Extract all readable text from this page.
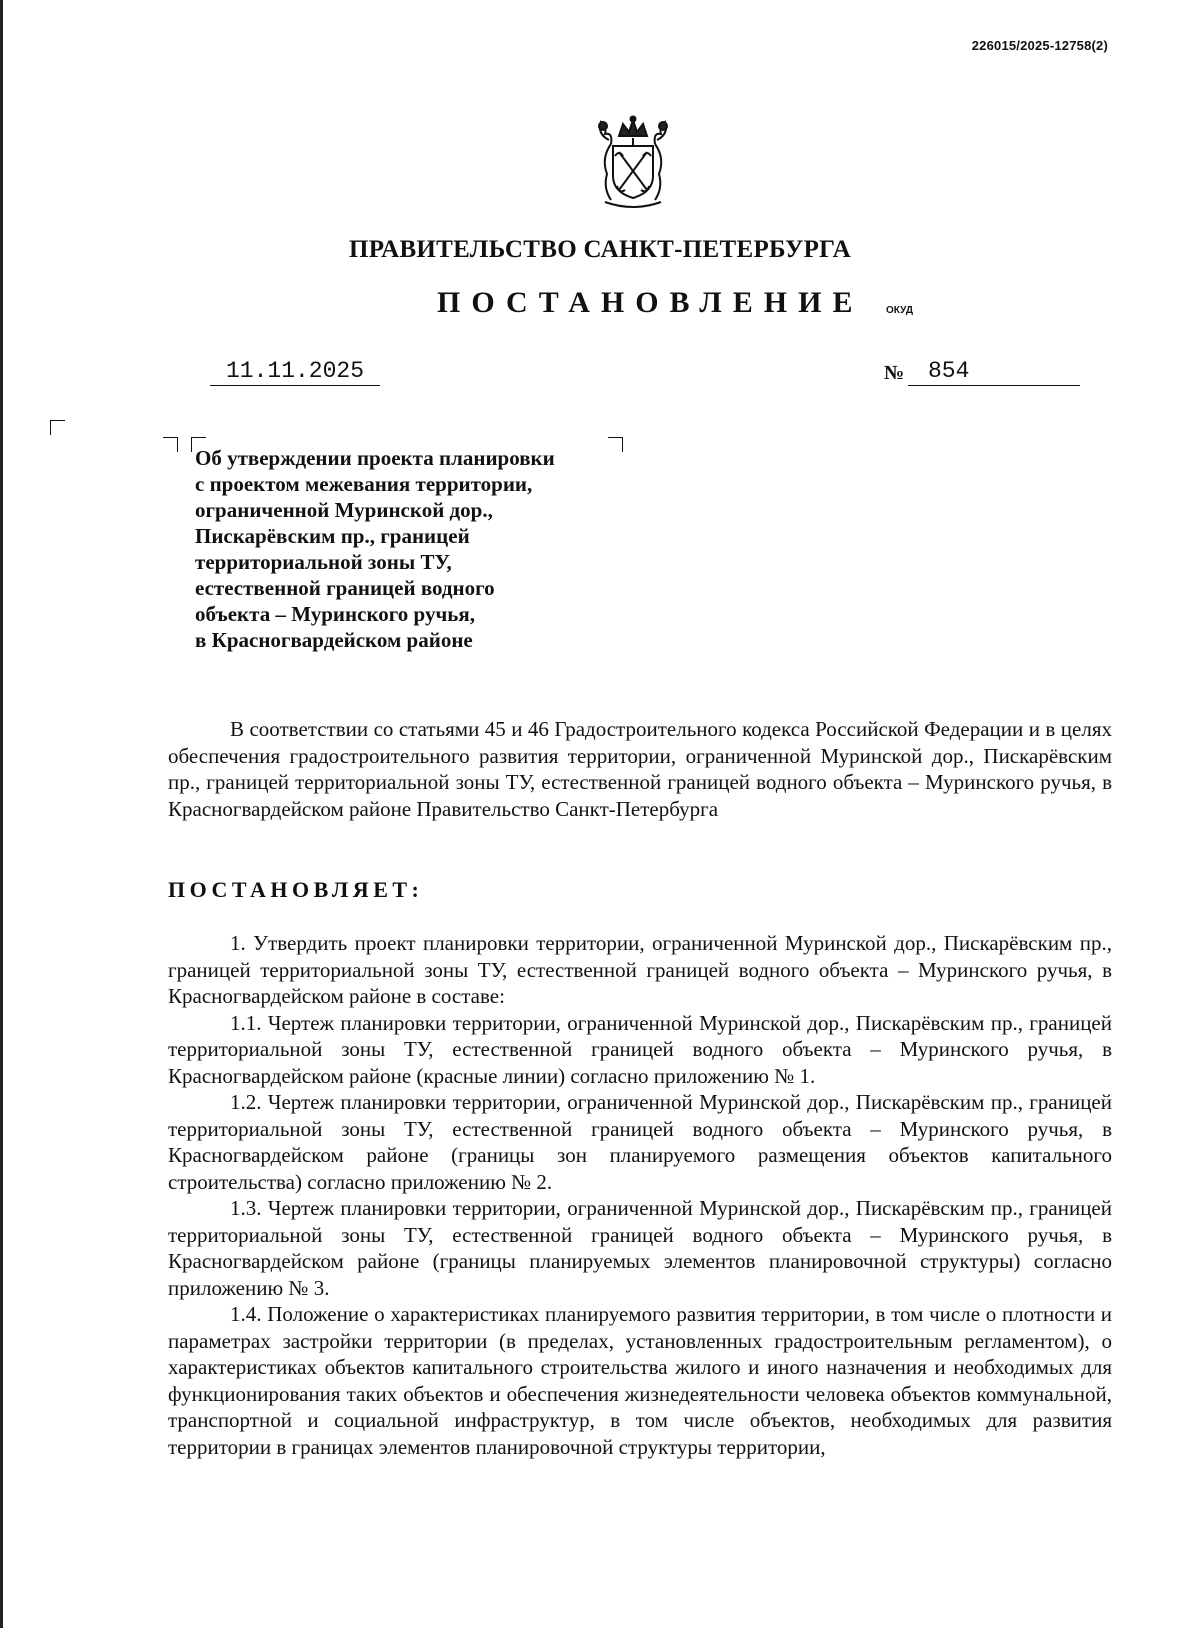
226015/2025-12758(2)
ПРАВИТЕЛЬСТВО САНКТ-ПЕТЕРБУРГА
ПОСТАНОВЛЕНИЕ ОКУД
11.11.2025	№	854
Об утверждении проекта планировки
с проектом межевания территории,
ограниченной Муринской дор.,
Пискарёвским пр., границей
территориальной зоны ТУ,
естественной границей водного
объекта – Муринского ручья,
в Красногвардейском районе

В соответствии со статьями 45 и 46 Градостроительного кодекса Российской Федерации и в целях обеспечения градостроительного развития территории, ограниченной Муринской дор., Пискарёвским пр., границей территориальной зоны ТУ, естественной границей водного объекта – Муринского ручья, в Красногвардейском районе Правительство Санкт-Петербурга

ПОСТАНОВЛЯЕТ:

1. Утвердить проект планировки территории, ограниченной Муринской дор., Пискарёвским пр., границей территориальной зоны ТУ, естественной границей водного объекта – Муринского ручья, в Красногвардейском районе в составе:

1.1. Чертеж планировки территории, ограниченной Муринской дор., Пискарёвским пр., границей территориальной зоны ТУ, естественной границей водного объекта – Муринского ручья, в Красногвардейском районе (красные линии) согласно приложению № 1.

1.2. Чертеж планировки территории, ограниченной Муринской дор., Пискарёвским пр., границей территориальной зоны ТУ, естественной границей водного объекта – Муринского ручья, в Красногвардейском районе (границы зон планируемого размещения объектов капитального строительства) согласно приложению № 2.

1.3. Чертеж планировки территории, ограниченной Муринской дор., Пискарёвским пр., границей территориальной зоны ТУ, естественной границей водного объекта – Муринского ручья, в Красногвардейском районе (границы планируемых элементов планировочной структуры) согласно приложению № 3.

1.4. Положение о характеристиках планируемого развития территории, в том числе о плотности и параметрах застройки территории (в пределах, установленных градостроительным регламентом), о характеристиках объектов капитального строительства жилого и иного назначения и необходимых для функционирования таких объектов и обеспечения жизнедеятельности человека объектов коммунальной, транспортной и социальной инфраструктур, в том числе объектов, необходимых для развития территории в границах элементов планировочной структуры территории,
